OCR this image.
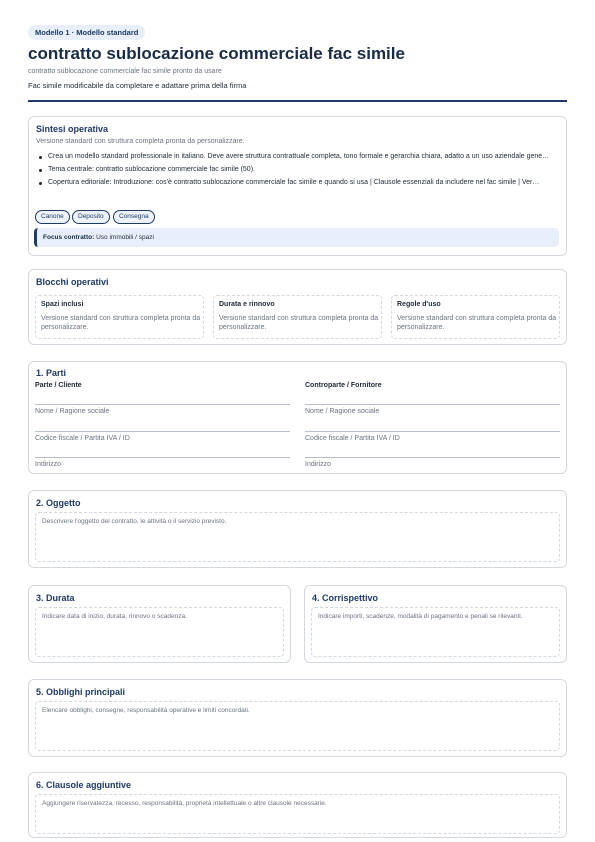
Modello 1 · Modello standard
contratto sublocazione commerciale fac simile
contratto sublocazione commerciale fac simile pronto da usare
Fac simile modificabile da completare e adattare prima della firma
Sintesi operativa
Versione standard con struttura completa pronta da personalizzare.
Crea un modello standard professionale in italiano. Deve avere struttura contrattuale completa, tono formale e gerarchia chiara, adatto a un uso aziendale gene…
Tema centrale: contratto sublocazione commerciale fac simile (50).
Copertura editoriale: Introduzione: cos'è contratto sublocazione commerciale fac simile e quando si usa | Clausole essenziali da includere nel fac simile | Ver…
Canone	Deposito	Consegna
Focus contratto: Uso immobili / spazi
Blocchi operativi
Spazi inclusi
Versione standard con struttura completa pronta da personalizzare.
Durata e rinnovo
Versione standard con struttura completa pronta da personalizzare.
Regole d'uso
Versione standard con struttura completa pronta da personalizzare.
1. Parti
Parte / Cliente
Nome / Ragione sociale
Codice fiscale / Partita IVA / ID
Indirizzo
Controparte / Fornitore
Nome / Ragione sociale
Codice fiscale / Partita IVA / ID
Indirizzo
2. Oggetto
Descrivere l'oggetto del contratto, le attività o il servizio previsto.
3. Durata
Indicare data di inizio, durata, rinnovo o scadenza.
4. Corrispettivo
Indicare importi, scadenze, modalità di pagamento e penali se rilevanti.
5. Obblighi principali
Elencare obblighi, consegne, responsabilità operative e limiti concordati.
6. Clausole aggiuntive
Aggiungere riservatezza, recesso, responsabilità, proprietà intellettuale o altre clausole necessarie.
